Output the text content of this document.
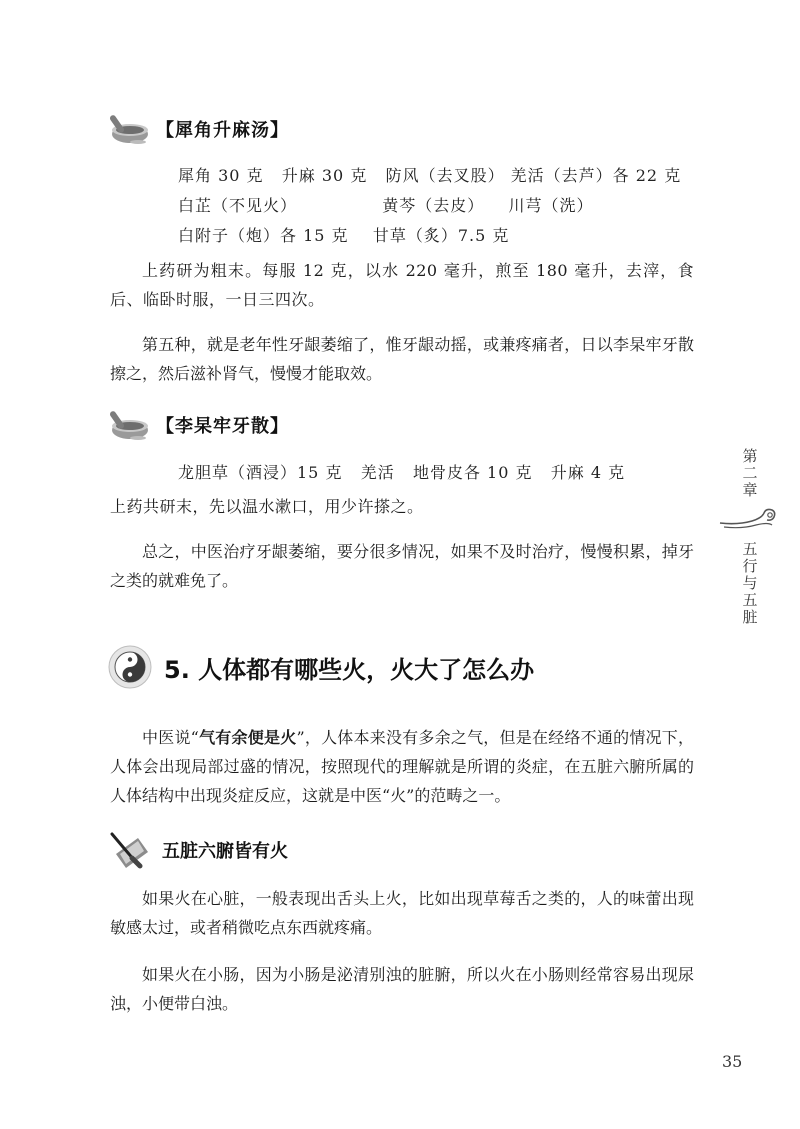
【犀角升麻汤】
犀角 30 克   升麻 30 克   防风（去叉股） 羌活（去芦）各 22 克
白芷（不见火）              黄芩（去皮）    川芎（洗）
白附子（炮）各 15 克    甘草（炙）7.5 克

上药研为粗末。每服 12 克，以水 220 毫升，煎至 180 毫升，去滓，食后、临卧时服，一日三四次。

第五种，就是老年性牙龈萎缩了，惟牙龈动摇，或兼疼痛者，日以李杲牢牙散擦之，然后滋补肾气，慢慢才能取效。

【李杲牢牙散】
龙胆草（酒浸）15 克   羌活   地骨皮各 10 克   升麻 4 克

上药共研末，先以温水漱口，用少许搽之。

总之，中医治疗牙龈萎缩，要分很多情况，如果不及时治疗，慢慢积累，掉牙之类的就难免了。

5. 人体都有哪些火，火大了怎么办

中医说“气有余便是火”，人体本来没有多余之气，但是在经络不通的情况下，人体会出现局部过盛的情况，按照现代的理解就是所谓的炎症，在五脏六腑所属的人体结构中出现炎症反应，这就是中医“火”的范畴之一。

五脏六腑皆有火

如果火在心脏，一般表现出舌头上火，比如出现草莓舌之类的，人的味蕾出现敏感太过，或者稍微吃点东西就疼痛。

如果火在小肠，因为小肠是泌清别浊的脏腑，所以火在小肠则经常容易出现尿浊，小便带白浊。

第二章
五行与五脏
35
